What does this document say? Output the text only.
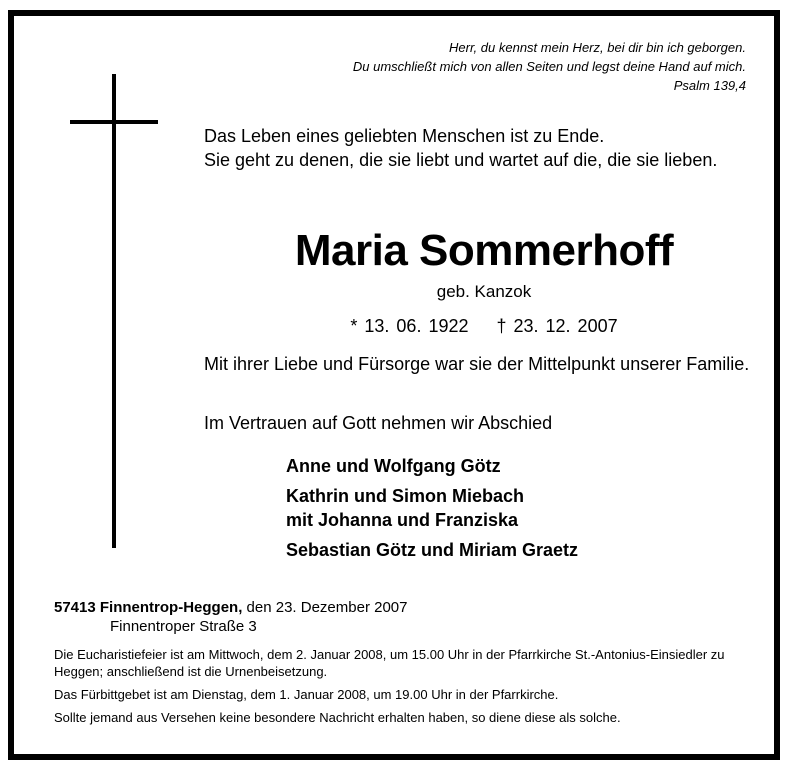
Herr, du kennst mein Herz, bei dir bin ich geborgen.
Du umschließt mich von allen Seiten und legst deine Hand auf mich.
Psalm 139,4
Das Leben eines geliebten Menschen ist zu Ende.
Sie geht zu denen, die sie liebt und wartet auf die, die sie lieben.
Maria Sommerhoff
geb. Kanzok
* 13. 06. 1922 † 23. 12. 2007
Mit ihrer Liebe und Fürsorge war sie der Mittelpunkt unserer Familie.
Im Vertrauen auf Gott nehmen wir Abschied
Anne und Wolfgang Götz
Kathrin und Simon Miebach
mit Johanna und Franziska
Sebastian Götz und Miriam Graetz
57413 Finnentrop-Heggen, den 23. Dezember 2007
Finnentroper Straße 3

Die Eucharistiefeier ist am Mittwoch, dem 2. Januar 2008, um 15.00 Uhr in der Pfarrkirche St.-Antonius-Einsiedler zu Heggen; anschließend ist die Urnenbeisetzung.

Das Fürbittgebet ist am Dienstag, dem 1. Januar 2008, um 19.00 Uhr in der Pfarrkirche.

Sollte jemand aus Versehen keine besondere Nachricht erhalten haben, so diene diese als solche.
